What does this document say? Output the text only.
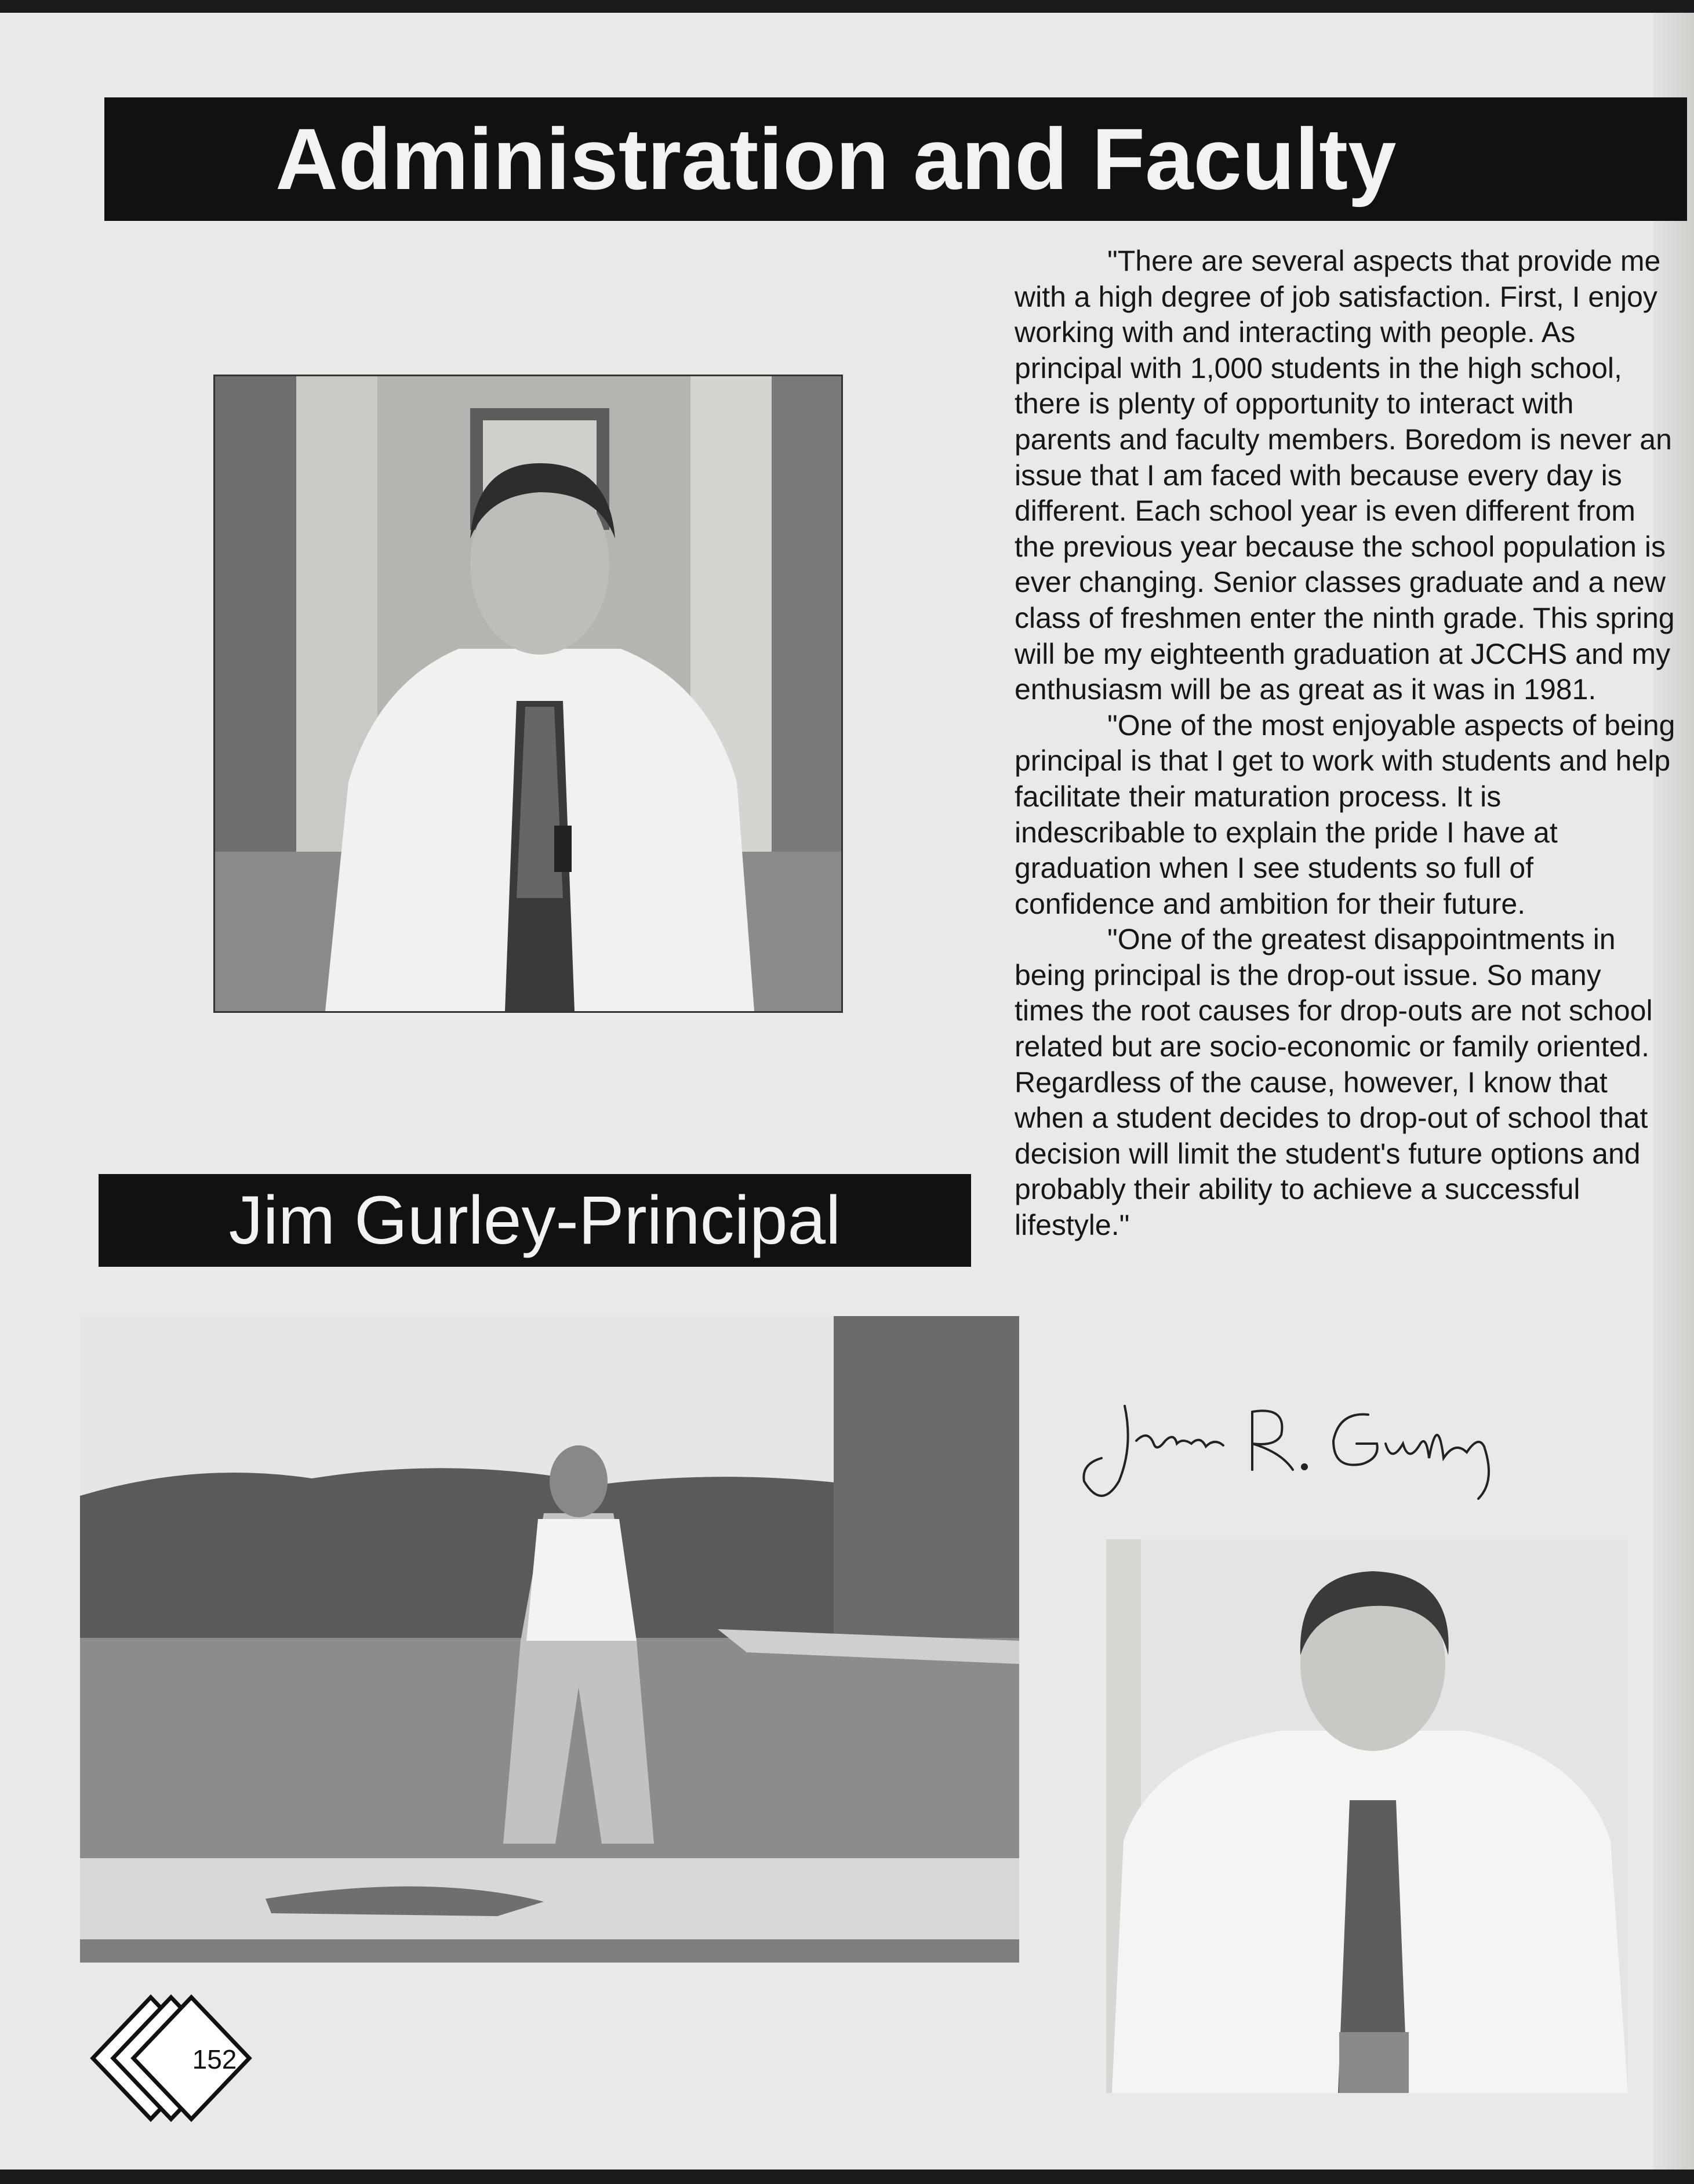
Administration and Faculty
Jim Gurley-Principal

"There are several aspects that provide me with a high degree of job satisfaction. First, I enjoy working with and interacting with people. As principal with 1,000 students in the high school, there is plenty of opportunity to interact with parents and faculty members. Boredom is never an issue that I am faced with because every day is different. Each school year is even different from the previous year because the school population is ever changing. Senior classes graduate and a new class of freshmen enter the ninth grade. This spring will be my eighteenth graduation at JCCHS and my enthusiasm will be as great as it was in 1981.

"One of the most enjoyable aspects of being principal is that I get to work with students and help facilitate their maturation process. It is indescribable to explain the pride I have at graduation when I see students so full of confidence and ambition for their future.

"One of the greatest disappointments in being principal is the drop-out issue. So many times the root causes for drop-outs are not school related but are socio-economic or family oriented. Regardless of the cause, however, I know that when a student decides to drop-out of school that decision will limit the student's future options and probably their ability to achieve a successful lifestyle."

152
